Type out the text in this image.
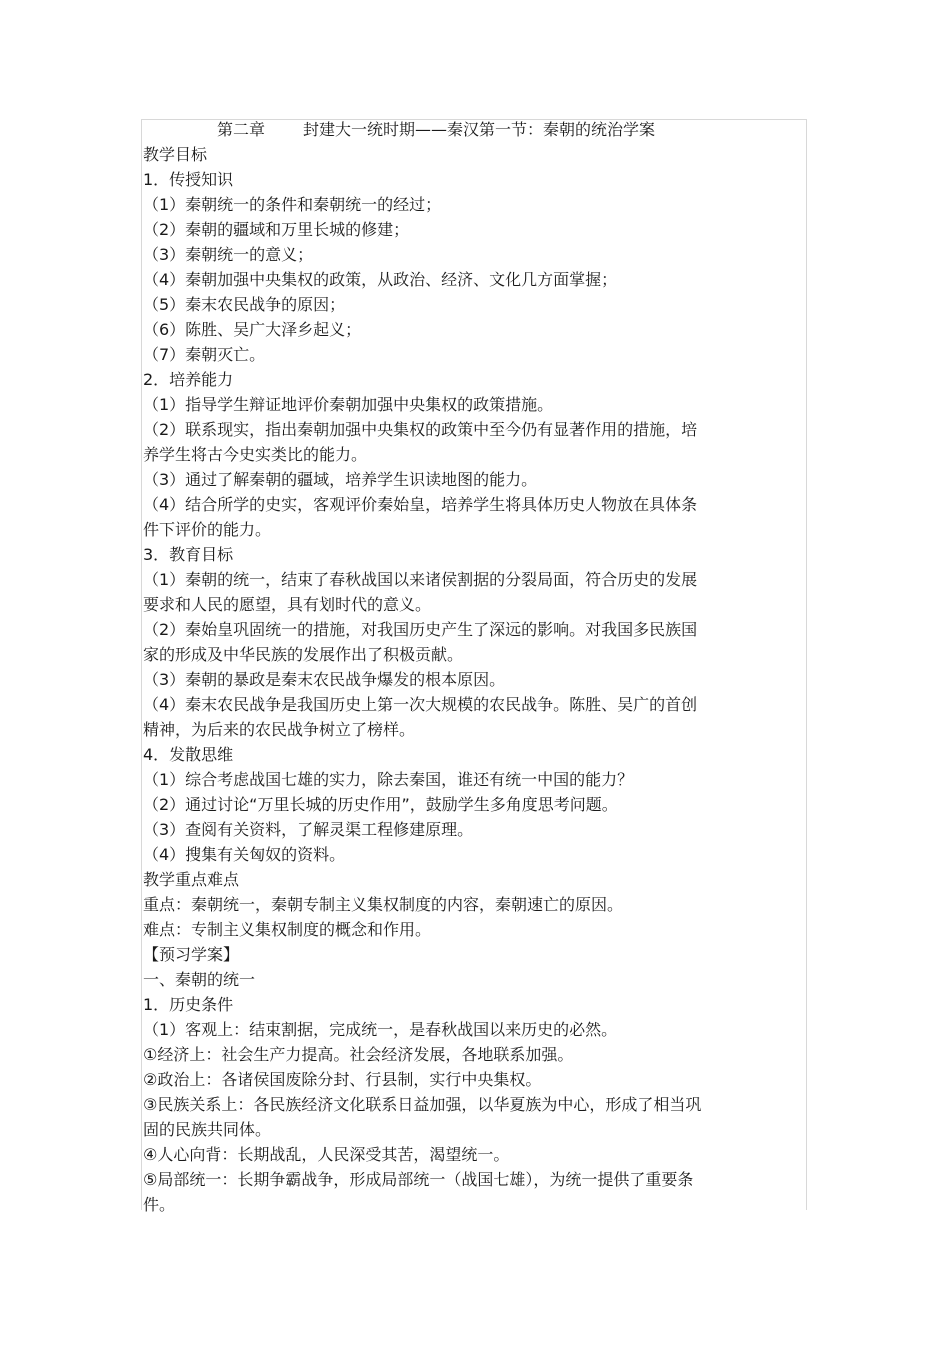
第二章 封建大一统时期——秦汉第一节：秦朝的统治学案
教学目标
1．传授知识
（1）秦朝统一的条件和秦朝统一的经过；
（2）秦朝的疆域和万里长城的修建；
（3）秦朝统一的意义；
（4）秦朝加强中央集权的政策，从政治、经济、文化几方面掌握；
（5）秦末农民战争的原因；
（6）陈胜、吴广大泽乡起义；
（7）秦朝灭亡。
2．培养能力
（1）指导学生辩证地评价秦朝加强中央集权的政策措施。
（2）联系现实，指出秦朝加强中央集权的政策中至今仍有显著作用的措施，培
养学生将古今史实类比的能力。
（3）通过了解秦朝的疆域，培养学生识读地图的能力。
（4）结合所学的史实，客观评价秦始皇，培养学生将具体历史人物放在具体条
件下评价的能力。
3．教育目标
（1）秦朝的统一，结束了春秋战国以来诸侯割据的分裂局面，符合历史的发展
要求和人民的愿望，具有划时代的意义。
（2）秦始皇巩固统一的措施，对我国历史产生了深远的影响。对我国多民族国
家的形成及中华民族的发展作出了积极贡献。
（3）秦朝的暴政是秦末农民战争爆发的根本原因。
（4）秦末农民战争是我国历史上第一次大规模的农民战争。陈胜、吴广的首创
精神，为后来的农民战争树立了榜样。
4．发散思维
（1）综合考虑战国七雄的实力，除去秦国，谁还有统一中国的能力？
（2）通过讨论“万里长城的历史作用”，鼓励学生多角度思考问题。
（3）查阅有关资料，了解灵渠工程修建原理。
（4）搜集有关匈奴的资料。
教学重点难点
重点：秦朝统一，秦朝专制主义集权制度的内容，秦朝速亡的原因。
难点：专制主义集权制度的概念和作用。
【预习学案】
一、秦朝的统一
1．历史条件
（1）客观上：结束割据，完成统一，是春秋战国以来历史的必然。
①经济上：社会生产力提高。社会经济发展，各地联系加强。
②政治上：各诸侯国废除分封、行县制，实行中央集权。
③民族关系上：各民族经济文化联系日益加强，以华夏族为中心，形成了相当巩
固的民族共同体。
④人心向背：长期战乱，人民深受其苦，渴望统一。
⑤局部统一：长期争霸战争，形成局部统一（战国七雄），为统一提供了重要条
件。
